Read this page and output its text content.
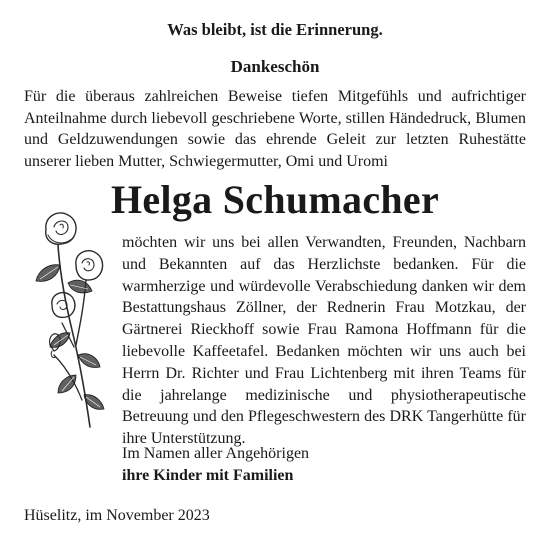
Was bleibt, ist die Erinnerung.
Dankeschön
Für die überaus zahlreichen Beweise tiefen Mitgefühls und aufrichtiger Anteilnahme durch liebevoll geschriebene Worte, stillen Händedruck, Blumen und Geldzuwendungen sowie das ehrende Geleit zur letzten Ruhestätte unserer lieben Mutter, Schwiegermutter, Omi und Uromi
Helga Schumacher
möchten wir uns bei allen Verwandten, Freunden, Nachbarn und Bekannten auf das Herzlichste bedanken. Für die warmherzige und würdevolle Verabschiedung danken wir dem Bestattungshaus Zöllner, der Rednerin Frau Motzkau, der Gärtnerei Rieckhoff sowie Frau Ramona Hoffmann für die liebevolle Kaffeetafel. Bedanken möchten wir uns auch bei Herrn Dr. Richter und Frau Lichtenberg mit ihren Teams für die jahrelange medizinische und physiotherapeutische Betreuung und den Pflegeschwestern des DRK Tangerhütte für ihre Unterstützung.
Im Namen aller Angehörigen
ihre Kinder mit Familien
Hüselitz, im November 2023
